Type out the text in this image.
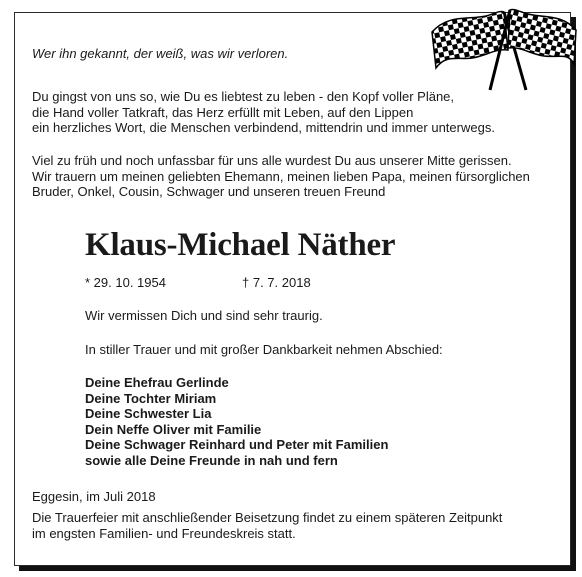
Wer ihn gekannt, der weiß, was wir verloren.
Du gingst von uns so, wie Du es liebtest zu leben - den Kopf voller Pläne,
die Hand voller Tatkraft, das Herz erfüllt mit Leben, auf den Lippen
ein herzliches Wort, die Menschen verbindend, mittendrin und immer unterwegs.
Viel zu früh und noch unfassbar für uns alle wurdest Du aus unserer Mitte gerissen.
Wir trauern um meinen geliebten Ehemann, meinen lieben Papa, meinen fürsorglichen
Bruder, Onkel, Cousin, Schwager und unseren treuen Freund
Klaus-Michael Näther
* 29. 10. 1954	† 7. 7. 2018
Wir vermissen Dich und sind sehr traurig.
In stiller Trauer und mit großer Dankbarkeit nehmen Abschied:
Deine Ehefrau Gerlinde
Deine Tochter Miriam
Deine Schwester Lia
Dein Neffe Oliver mit Familie
Deine Schwager Reinhard und Peter mit Familien
sowie alle Deine Freunde in nah und fern
Eggesin, im Juli 2018
Die Trauerfeier mit anschließender Beisetzung findet zu einem späteren Zeitpunkt
im engsten Familien- und Freundeskreis statt.
